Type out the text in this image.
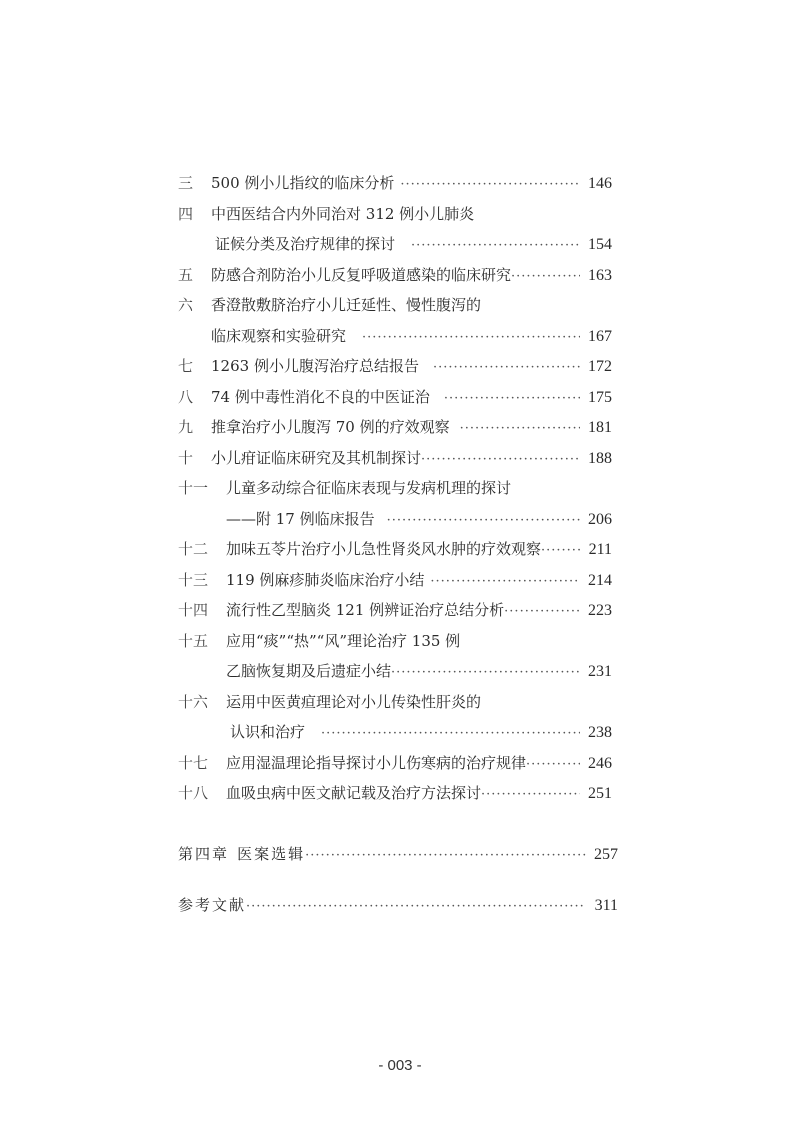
三	500 例小儿指纹的临床分析 ·····	146
四	中西医结合内外同治对 312 例小儿肺炎
证候分类及治疗规律的探讨 ·····	154
五	防感合剂防治小儿反复呼吸道感染的临床研究 ·····	163
六	香澄散敷脐治疗小儿迁延性、慢性腹泻的
临床观察和实验研究 ·····	167
七	1263 例小儿腹泻治疗总结报告 ·····	172
八	74 例中毒性消化不良的中医证治 ·····	175
九	推拿治疗小儿腹泻 70 例的疗效观察 ·····	181
十	小儿疳证临床研究及其机制探讨 ·····	188
十一	儿童多动综合征临床表现与发病机理的探讨
——附 17 例临床报告 ·····	206
十二	加味五苓片治疗小儿急性肾炎风水肿的疗效观察 ·····	211
十三	119 例麻疹肺炎临床治疗小结 ·····	214
十四	流行性乙型脑炎 121 例辨证治疗总结分析 ·····	223
十五	应用“痰”“热”“风”理论治疗 135 例
乙脑恢复期及后遗症小结 ·····	231
十六	运用中医黄疸理论对小儿传染性肝炎的
认识和治疗 ·····	238
十七	应用湿温理论指导探讨小儿伤寒病的治疗规律 ·····	246
十八	血吸虫病中医文献记载及治疗方法探讨 ·····	251
第四章 医案选辑 ·····	257
参考文献 ·····	311
- 003 -
